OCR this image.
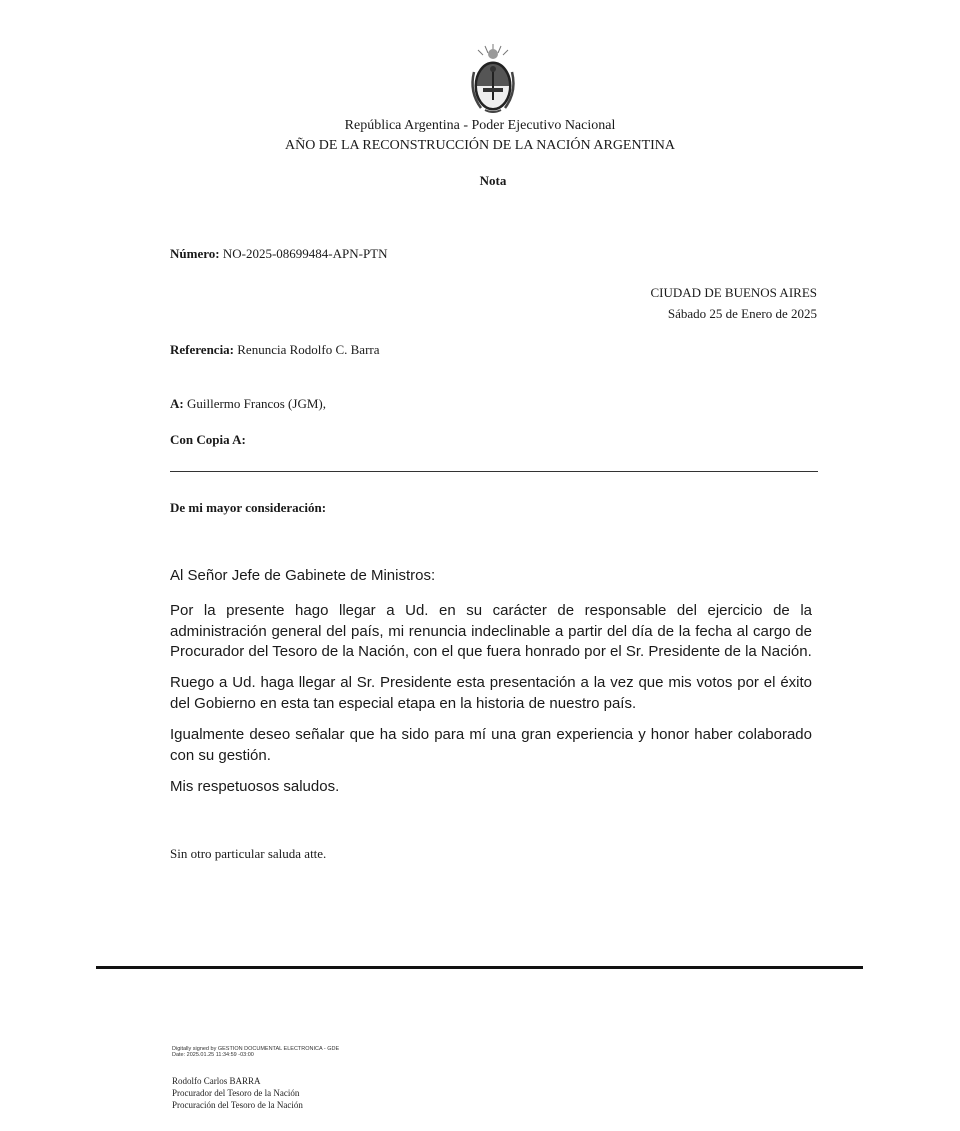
República Argentina - Poder Ejecutivo Nacional
AÑO DE LA RECONSTRUCCIÓN DE LA NACIÓN ARGENTINA
Nota
Número: NO-2025-08699484-APN-PTN
CIUDAD DE BUENOS AIRES
Sábado 25 de Enero de 2025
Referencia: Renuncia Rodolfo C. Barra
A: Guillermo Francos (JGM),
Con Copia A:
De mi mayor consideración:
Al Señor Jefe de Gabinete de Ministros:
Por la presente hago llegar a Ud. en su carácter de responsable del ejercicio de la administración general del país, mi renuncia indeclinable a partir del día de la fecha al cargo de Procurador del Tesoro de la Nación, con el que fuera honrado por el Sr. Presidente de la Nación.
Ruego a Ud. haga llegar al Sr. Presidente esta presentación a la vez que mis votos por el éxito del Gobierno en esta tan especial etapa en la historia de nuestro país.
Igualmente deseo señalar que ha sido para mí una gran experiencia y honor haber colaborado con su gestión.
Mis respetuosos saludos.
Sin otro particular saluda atte.
Digitally signed by GESTION DOCUMENTAL ELECTRONICA - GDE
Date: 2025.01.25 11:34:59 -03:00
Rodolfo Carlos BARRA
Procurador del Tesoro de la Nación
Procuración del Tesoro de la Nación
